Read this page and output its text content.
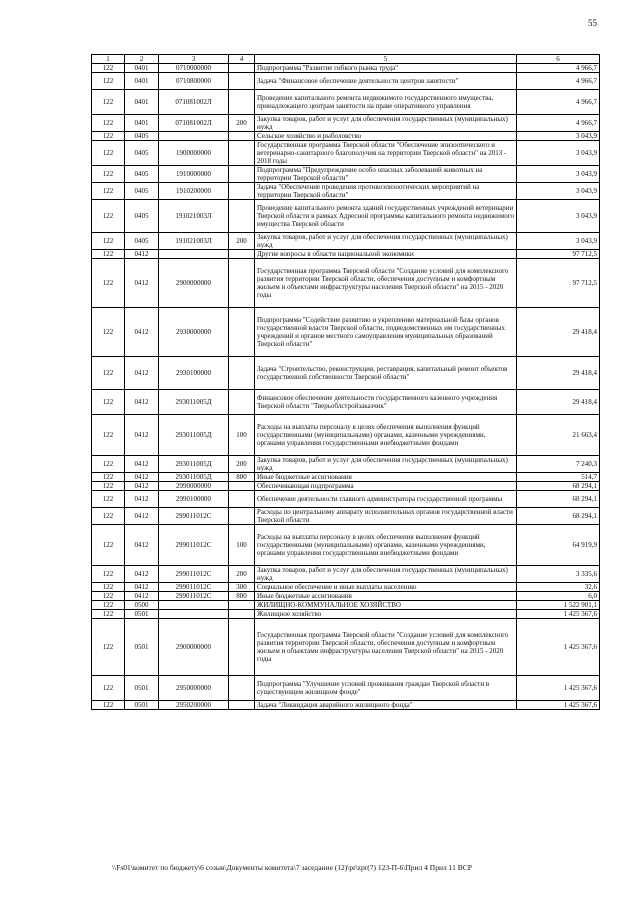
55
1	2	3	4	5	6
122	0401	0710000000		Подпрограмма "Развитие гибкого рынка труда"	4 966,7
122	0401	0710800000		Задача "Финансовое обеспечение деятельности центров занятости"	4 966,7
122	0401	071081002Л		Проведение капитального ремонта недвижимого государственного имущества, принадлежащего центрам занятости на праве оперативного управления	4 966,7
122	0401	071081002Л	200	Закупка товаров, работ и услуг для обеспечения государственных (муниципальных) нужд	4 966,7
122	0405			Сельское хозяйство и рыболовство	3 043,9
122	0405	1900000000		Государственная программа Тверской области "Обеспечение эпизоотического и ветеринарно-санитарного благополучия на территории Тверской области" на 2013 - 2018 годы	3 043,9
122	0405	1910000000		Подпрограмма "Предупреждение особо опасных заболеваний животных на территории Тверской области"	3 043,9
122	0405	1910200000		Задача "Обеспечение проведения противоэпизоотических мероприятий на территории Тверской области"	3 043,9
122	0405	191021003Л		Проведение капитального ремонта зданий государственных учреждений ветеринарии Тверской области в рамках Адресной программы капитального ремонта недвижимого имущества Тверской области	3 043,9
122	0405	191021003Л	200	Закупка товаров, работ и услуг для обеспечения государственных (муниципальных) нужд	3 043,9
122	0412			Другие вопросы в области национальной экономики	97 712,5
122	0412	2900000000		Государственная программа Тверской области "Создание условий для комплексного развития территории Тверской области, обеспечения доступным и комфортным жильем и объектами инфраструктуры населения Тверской области" на 2015 - 2020 годы	97 712,5
122	0412	2930000000		Подпрограмма "Содействие развитию и укреплению материальной базы органов государственной власти Тверской области, подведомственных им государственных учреждений и органов местного самоуправления муниципальных образований Тверской области"	29 418,4
122	0412	2930100000		Задача "Строительство, реконструкция, реставрация, капитальный ремонт объектов государственной собственности Тверской области"	29 418,4
122	0412	293011005Д		Финансовое обеспечение деятельности государственного казенного учреждения Тверской области "Тверьоблстройзаказчик"	29 418,4
122	0412	293011005Д	100	Расходы на выплаты персоналу в целях обеспечения выполнения функций государственными (муниципальными) органами, казенными учреждениями, органами управления государственными внебюджетными фондами	21 663,4
122	0412	293011005Д	200	Закупка товаров, работ и услуг для обеспечения государственных (муниципальных) нужд	7 240,3
122	0412	293011005Д	800	Иные бюджетные ассигнования	514,7
122	0412	2990000000		Обеспечивающая подпрограмма	68 294,1
122	0412	2990100000		Обеспечение деятельности главного администратора государственной программы	68 294,1
122	0412	299011012С		Расходы по центральному аппарату исполнительных органов государственной власти Тверской области	68 294,1
122	0412	299011012С	100	Расходы на выплаты персоналу в целях обеспечения выполнения функций государственными (муниципальными) органами, казенными учреждениями, органами управления государственными внебюджетными фондами	64 919,9
122	0412	299011012С	200	Закупка товаров, работ и услуг для обеспечения государственных (муниципальных) нужд	3 335,6
122	0412	299011012С	300	Социальное обеспечение и иные выплаты населению	32,6
122	0412	299011012С	800	Иные бюджетные ассигнования	6,0
122	0500			ЖИЛИЩНО-КОММУНАЛЬНОЕ ХОЗЯЙСТВО	1 522 901,1
122	0501			Жилищное хозяйство	1 425 367,6
122	0501	2900000000		Государственная программа Тверской области "Создание условий для комплексного развития территории Тверской области, обеспечения доступным и комфортным жильем и объектами инфраструктуры населения Тверской области" на 2015 - 2020 годы	1 425 367,6
122	0501	2950000000		Подпрограмма "Улучшение условий проживания граждан Тверской области в существующем жилищном фонде"	1 425 367,6
122	0501	2950200000		Задача "Ликвидация аварийного жилищного фонда"	1 425 367,6
\\Fs01\комитет по бюджету\6 созыв\Документы комитета\7 заседание (12)\pr\zpr(7) 123-П-6\Прил 4 Прил 11 ВСР
